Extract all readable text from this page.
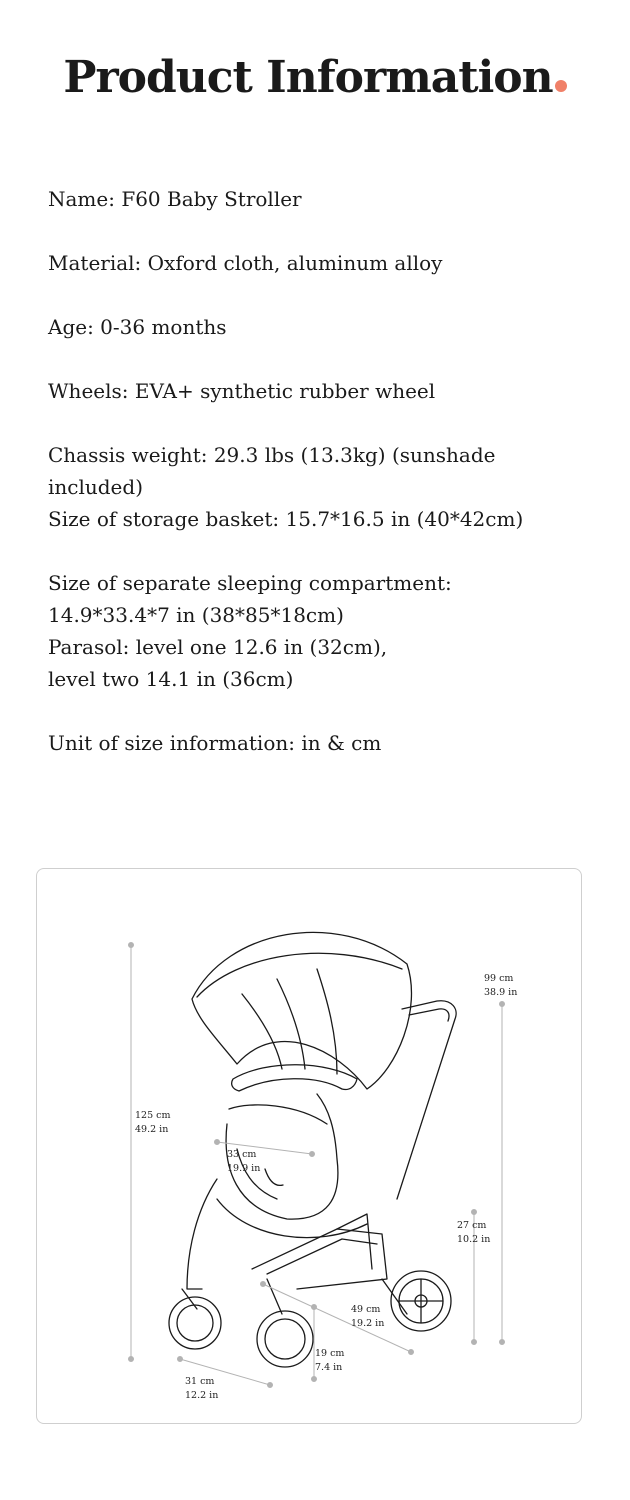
Product Information

Name: F60 Baby Stroller

Material: Oxford cloth, aluminum alloy

Age: 0-36 months

Wheels: EVA+ synthetic rubber wheel

Chassis weight: 29.3 lbs (13.3kg) (sunshade

included)

Size of storage basket: 15.7*16.5 in (40*42cm)

Size of separate sleeping compartment:

14.9*33.4*7 in (38*85*18cm)

Parasol: level one 12.6 in (32cm),

level two 14.1 in (36cm)

Unit of size information: in & cm

125 cm
49.2 in
33 cm
19.9 in
99 cm
38.9 in
27 cm
10.2 in
49 cm
19.2 in
19 cm
7.4 in
31 cm
12.2 in
